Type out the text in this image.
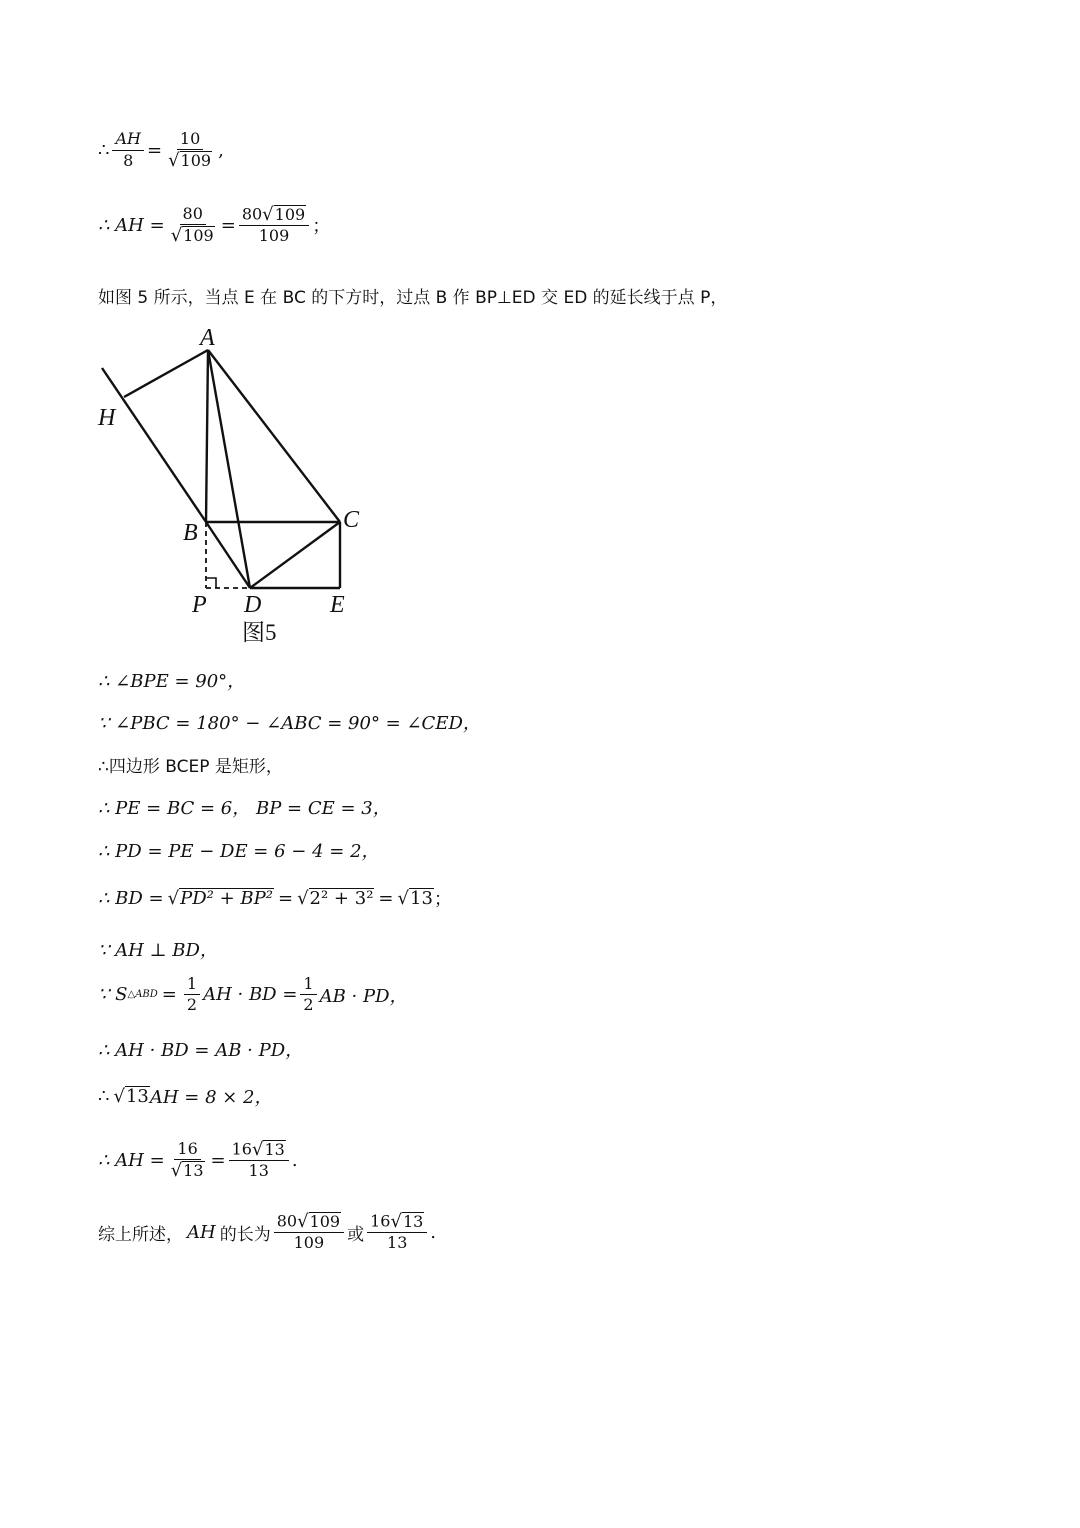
∴ $\frac{AH}{8} = \frac{10}{√ 109}$ ,
∴ AH = $\frac{80}{√ 109} = \frac{80 √ 109}{109}$ ；
如图 5 所示，当点 E 在 BC 的下方时，过点 B 作 BP⊥ED 交 ED 的延长线于点 P，
A
H
B	C
P D	E
图5
∴ ∠BPE = 90°，
∵ ∠PBC = 180° − ∠ABC = 90° = ∠CED，
∴四边形 BCEP 是矩形，
∴ PE = BC = 6， BP = CE = 3，
∴ PD = PE − DE = 6 − 4 = 2，
∴ BD = √ PD² + BP² = √ 2² + 3² = √ 13 ；
∵ AH ⊥ BD，
∵ S △ABD = $\frac{1}{2}$ AH · BD = $\frac{1}{2}$ AB · PD，
∴ AH · BD = AB · PD，
∴ √ 13 AH = 8 × 2，
∴ AH = $\frac{16}{√ 13} = \frac{16 √ 13}{13}$ .
综上所述， AH 的长为 $\frac{80 √ 109}{109}$ 或 $\frac{16 √ 13}{13}$ .
